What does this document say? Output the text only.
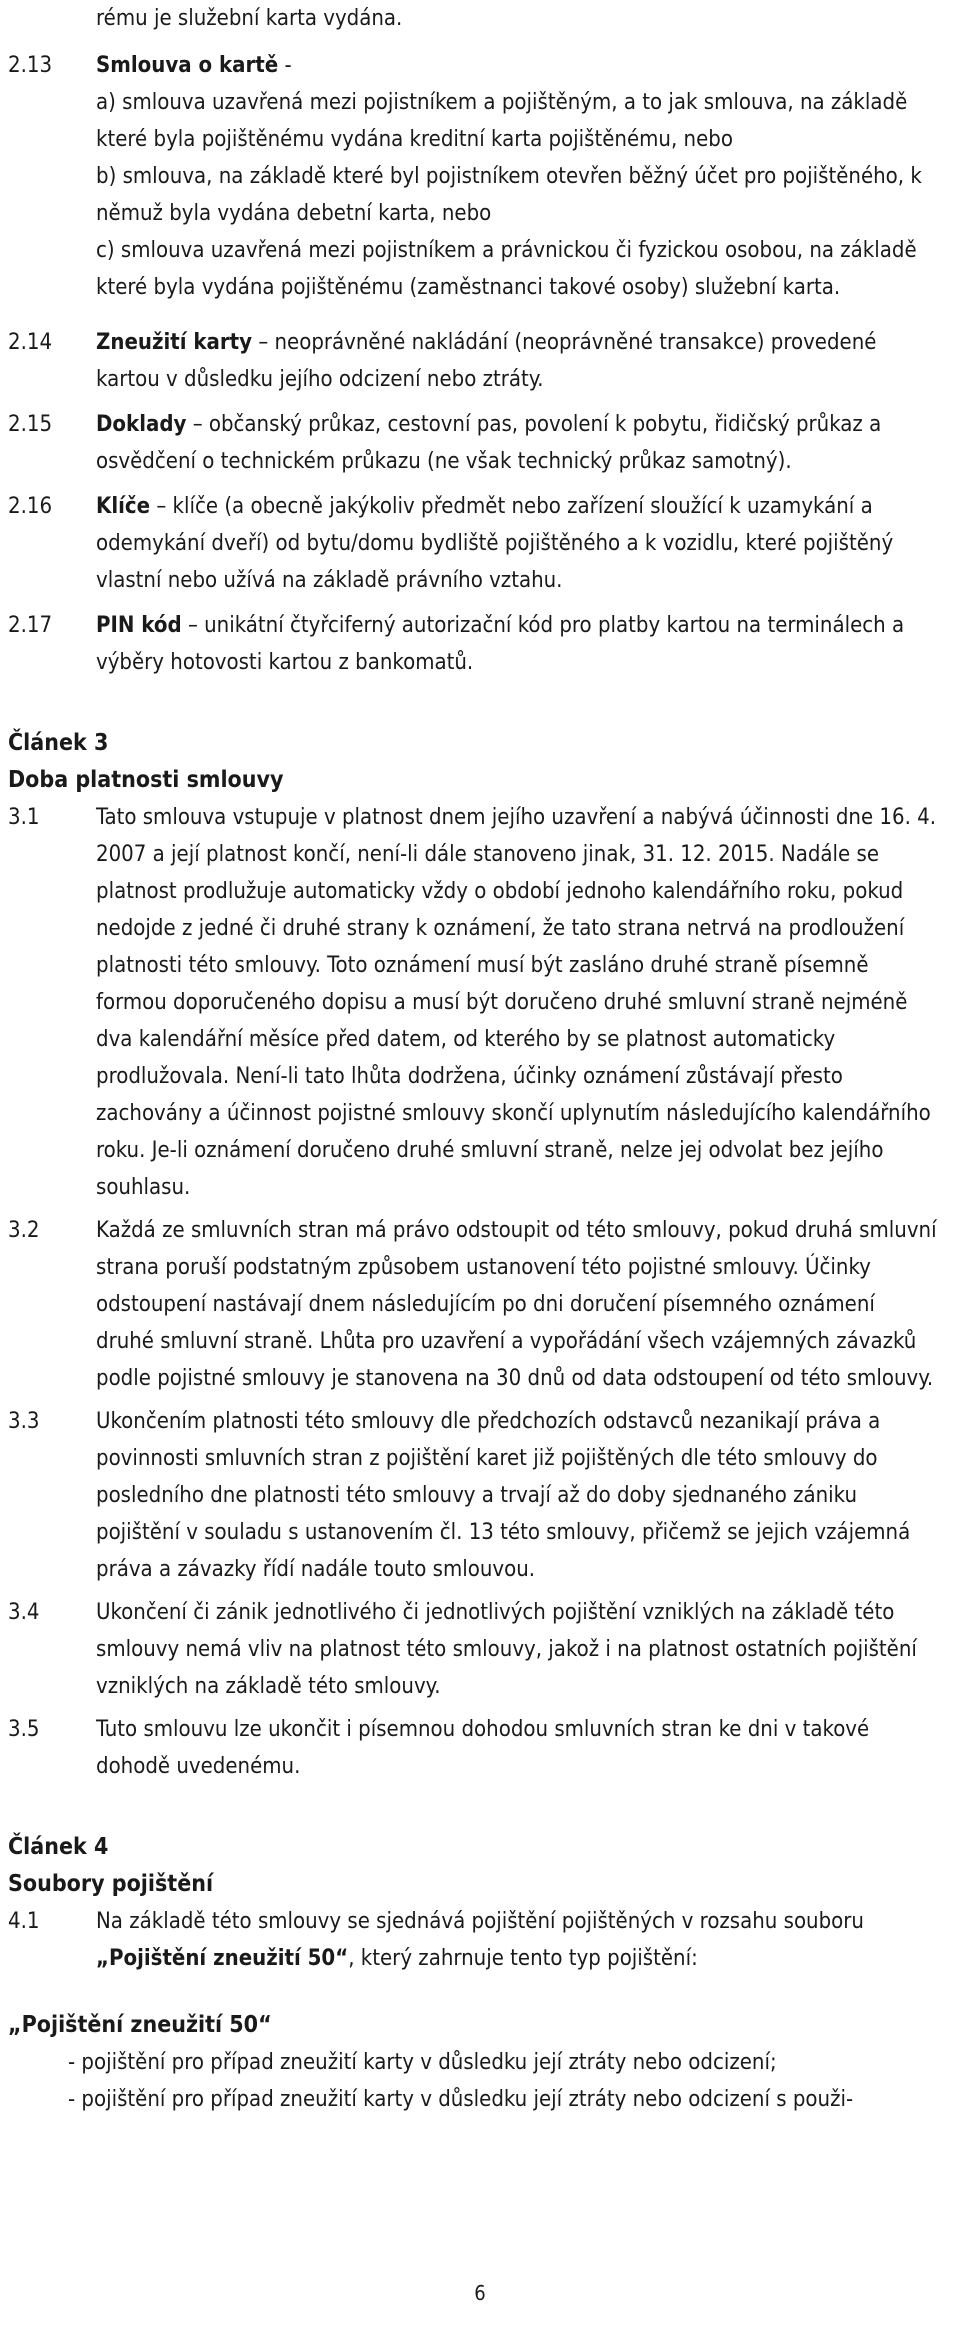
rému je služební karta vydána.

2.13	Smlouva o kartě -
a) smlouva uzavřená mezi pojistníkem a pojištěným, a to jak smlouva, na základě které byla pojištěnému vydána kreditní karta pojištěnému, nebo
b) smlouva, na základě které byl pojistníkem otevřen běžný účet pro pojištěného, k němuž byla vydána debetní karta, nebo
c) smlouva uzavřená mezi pojistníkem a právnickou či fyzickou osobou, na základě které byla vydána pojištěnému (zaměstnanci takové osoby) služební karta.
2.14	Zneužití karty – neoprávněné nakládání (neoprávněné transakce) provedené kartou v důsledku jejího odcizení nebo ztráty.
2.15	Doklady – občanský průkaz, cestovní pas, povolení k pobytu, řidičský průkaz a osvědčení o technickém průkazu (ne však technický průkaz samotný).
2.16	Klíče – klíče (a obecně jakýkoliv předmět nebo zařízení sloužící k uzamykání a odemykání dveří) od bytu/domu bydliště pojištěného a k vozidlu, které pojištěný vlastní nebo užívá na základě právního vztahu.
2.17	PIN kód – unikátní čtyřciferný autorizační kód pro platby kartou na terminálech a výběry hotovosti kartou z bankomatů.

Článek 3

Doba platnosti smlouvy

3.1	Tato smlouva vstupuje v platnost dnem jejího uzavření a nabývá účinnosti dne 16. 4. 2007 a její platnost končí, není-li dále stanoveno jinak, 31. 12. 2015. Nadále se platnost prodlužuje automaticky vždy o období jednoho kalendářního roku, pokud nedojde z jedné či druhé strany k oznámení, že tato strana netrvá na prodloužení platnosti této smlouvy. Toto oznámení musí být zasláno druhé straně písemně formou doporučeného dopisu a musí být doručeno druhé smluvní straně nejméně dva kalendářní měsíce před datem, od kterého by se platnost automaticky prodlužovala. Není-li tato lhůta dodržena, účinky oznámení zůstávají přesto zachovány a účinnost pojistné smlouvy skončí uplynutím následujícího kalendářního roku. Je-li oznámení doručeno druhé smluvní straně, nelze jej odvolat bez jejího souhlasu.
3.2	Každá ze smluvních stran má právo odstoupit od této smlouvy, pokud druhá smluvní strana poruší podstatným způsobem ustanovení této pojistné smlouvy. Účinky odstoupení nastávají dnem následujícím po dni doručení písemného oznámení druhé smluvní straně. Lhůta pro uzavření a vypořádání všech vzájemných závazků podle pojistné smlouvy je stanovena na 30 dnů od data odstoupení od této smlouvy.
3.3	Ukončením platnosti této smlouvy dle předchozích odstavců nezanikají práva a povinnosti smluvních stran z pojištění karet již pojištěných dle této smlouvy do posledního dne platnosti této smlouvy a trvají až do doby sjednaného zániku pojištění v souladu s ustanovením čl. 13 této smlouvy, přičemž se jejich vzájemná práva a závazky řídí nadále touto smlouvou.
3.4	Ukončení či zánik jednotlivého či jednotlivých pojištění vzniklých na základě této smlouvy nemá vliv na platnost této smlouvy, jakož i na platnost ostatních pojištění vzniklých na základě této smlouvy.
3.5	Tuto smlouvu lze ukončit i písemnou dohodou smluvních stran ke dni v takové dohodě uvedenému.

Článek 4

Soubory pojištění

4.1	Na základě této smlouvy se sjednává pojištění pojištěných v rozsahu souboru „Pojištění zneužití 50“, který zahrnuje tento typ pojištění:

„Pojištění zneužití 50“

- pojištění pro případ zneužití karty v důsledku její ztráty nebo odcizení;
- pojištění pro případ zneužití karty v důsledku její ztráty nebo odcizení s použi-
6
